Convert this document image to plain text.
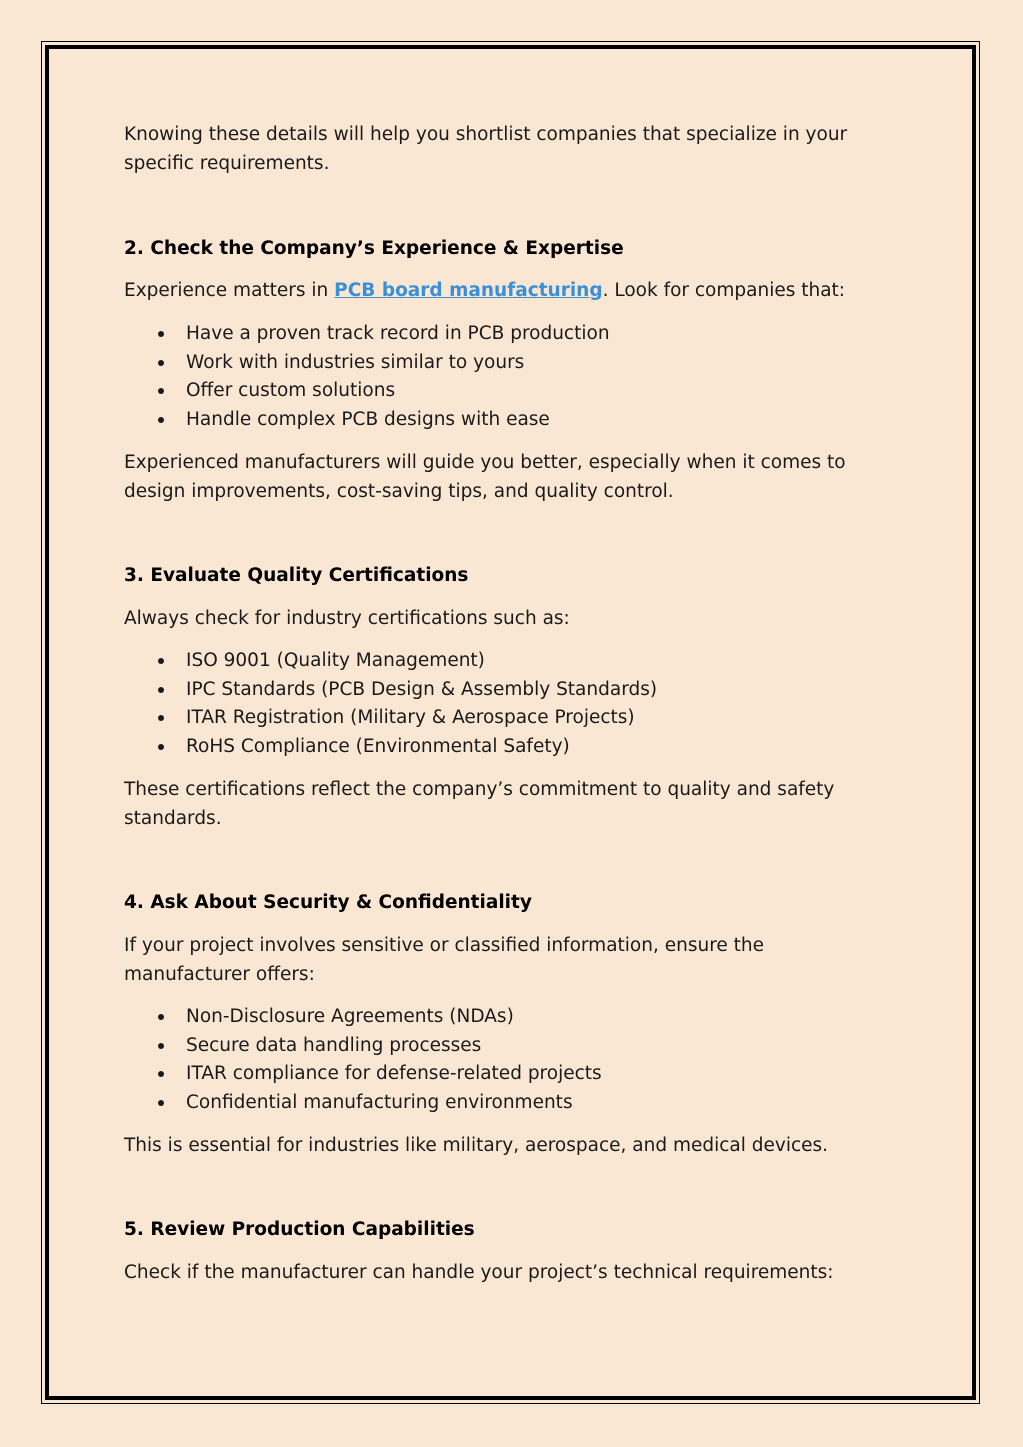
Knowing these details will help you shortlist companies that specialize in your specific requirements.

2. Check the Company’s Experience & Expertise

Experience matters in PCB board manufacturing. Look for companies that:

Have a proven track record in PCB production
Work with industries similar to yours
Offer custom solutions
Handle complex PCB designs with ease

Experienced manufacturers will guide you better, especially when it comes to design improvements, cost-saving tips, and quality control.

3. Evaluate Quality Certifications

Always check for industry certifications such as:

ISO 9001 (Quality Management)
IPC Standards (PCB Design & Assembly Standards)
ITAR Registration (Military & Aerospace Projects)
RoHS Compliance (Environmental Safety)

These certifications reflect the company’s commitment to quality and safety standards.

4. Ask About Security & Confidentiality

If your project involves sensitive or classified information, ensure the manufacturer offers:

Non-Disclosure Agreements (NDAs)
Secure data handling processes
ITAR compliance for defense-related projects
Confidential manufacturing environments

This is essential for industries like military, aerospace, and medical devices.

5. Review Production Capabilities

Check if the manufacturer can handle your project’s technical requirements:
